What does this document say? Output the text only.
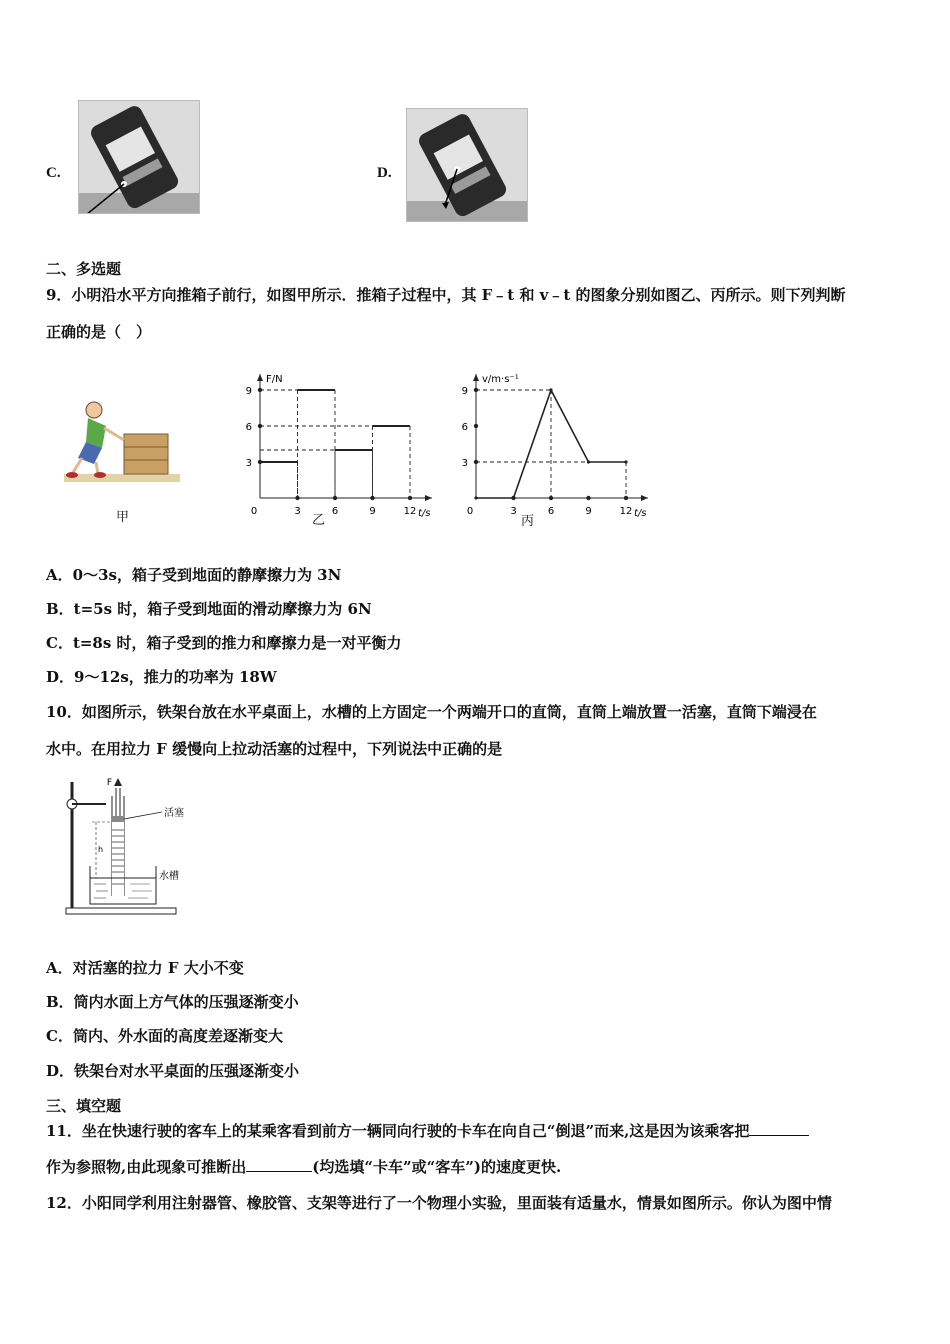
C.	D.
二、多选题
9．小明沿水平方向推箱子前行，如图甲所示．推箱子过程中，其 F﹣t 和 v﹣t 的图象分别如图乙、丙所示。则下列判断
正确的是（　）
甲
F/N
t/s
0	3	6	9	12
3
6
9
乙
v/m·s⁻¹
t/s
0	3	6	9	12
3
6
9
丙
A．0～3s，箱子受到地面的静摩擦力为 3N
B．t=5s 时，箱子受到地面的滑动摩擦力为 6N
C．t=8s 时，箱子受到的推力和摩擦力是一对平衡力
D．9～12s，推力的功率为 18W
10．如图所示，铁架台放在水平桌面上，水槽的上方固定一个两端开口的直筒，直筒上端放置一活塞，直筒下端浸在
水中。在用拉力 F 缓慢向上拉动活塞的过程中，下列说法中正确的是
F
活塞
h
水槽
A．对活塞的拉力 F 大小不变
B．筒内水面上方气体的压强逐渐变小
C．筒内、外水面的高度差逐渐变大
D．铁架台对水平桌面的压强逐渐变小
三、填空题
11．坐在快速行驶的客车上的某乘客看到前方一辆同向行驶的卡车在向自己“倒退”而来,这是因为该乘客把
作为参照物,由此现象可推断出	(均选填“卡车”或“客车”)的速度更快.
12．小阳同学利用注射器管、橡胶管、支架等进行了一个物理小实验，里面装有适量水，情景如图所示。你认为图中情
